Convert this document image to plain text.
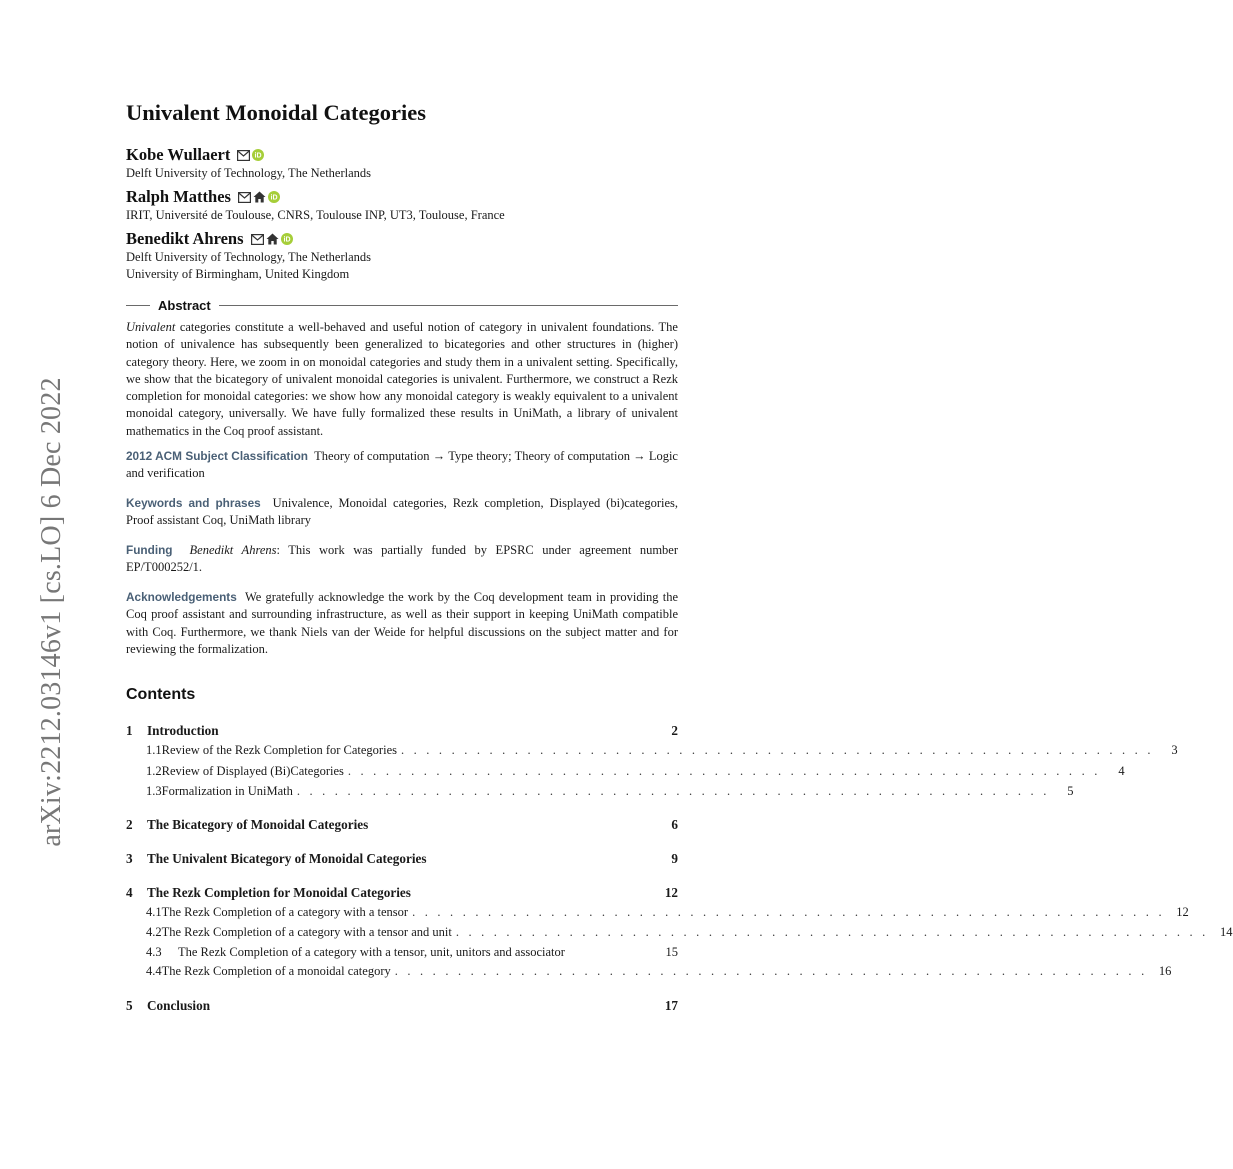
arXiv:2212.03146v1 [cs.LO] 6 Dec 2022
Univalent Monoidal Categories
Kobe Wullaert	iD
Delft University of Technology, The Netherlands
Ralph Matthes	iD
IRIT, Université de Toulouse, CNRS, Toulouse INP, UT3, Toulouse, France
Benedikt Ahrens	iD
Delft University of Technology, The Netherlands
University of Birmingham, United Kingdom
Abstract
Univalent categories constitute a well-behaved and useful notion of category in univalent foundations. The notion of univalence has subsequently been generalized to bicategories and other structures in (higher) category theory. Here, we zoom in on monoidal categories and study them in a univalent setting. Specifically, we show that the bicategory of univalent monoidal categories is univalent. Furthermore, we construct a Rezk completion for monoidal categories: we show how any monoidal category is weakly equivalent to a univalent monoidal category, universally. We have fully formalized these results in UniMath, a library of univalent mathematics in the Coq proof assistant.
2012 ACM Subject Classification Theory of computation → Type theory; Theory of computation → Logic and verification
Keywords and phrases Univalence, Monoidal categories, Rezk completion, Displayed (bi)categories, Proof assistant Coq, UniMath library
Funding Benedikt Ahrens: This work was partially funded by EPSRC under agreement number EP/T000252/1.
Acknowledgements We gratefully acknowledge the work by the Coq development team in providing the Coq proof assistant and surrounding infrastructure, as well as their support in keeping UniMath compatible with Coq. Furthermore, we thank Niels van der Weide for helpful discussions on the subject matter and for reviewing the formalization.
Contents
1	Introduction	2
1.1 Review of the Rezk Completion for Categories . . . . . . . . . . . . . . . . . . . . . . . . . . . . . . . . . . . . . . . . . . . . . . . . . . . . . . . . . . . .	3
1.2 Review of Displayed (Bi)Categories . . . . . . . . . . . . . . . . . . . . . . . . . . . . . . . . . . . . . . . . . . . . . . . . . . . . . . . . . . . .	4
1.3 Formalization in UniMath . . . . . . . . . . . . . . . . . . . . . . . . . . . . . . . . . . . . . . . . . . . . . . . . . . . . . . . . . . . .	5
2	The Bicategory of Monoidal Categories	6
3	The Univalent Bicategory of Monoidal Categories	9
4	The Rezk Completion for Monoidal Categories	12
4.1 The Rezk Completion of a category with a tensor . . . . . . . . . . . . . . . . . . . . . . . . . . . . . . . . . . . . . . . . . . . . . . . . . . . . . . . . . . . . 12
4.2 The Rezk Completion of a category with a tensor and unit . . . . . . . . . . . . . . . . . . . . . . . . . . . . . . . . . . . . . . . . . . . . . . . . . . . . . . . . . . . . 14
4.3	The Rezk Completion of a category with a tensor, unit, unitors and associator	15
4.4 The Rezk Completion of a monoidal category . . . . . . . . . . . . . . . . . . . . . . . . . . . . . . . . . . . . . . . . . . . . . . . . . . . . . . . . . . . . 16
5	Conclusion	17
